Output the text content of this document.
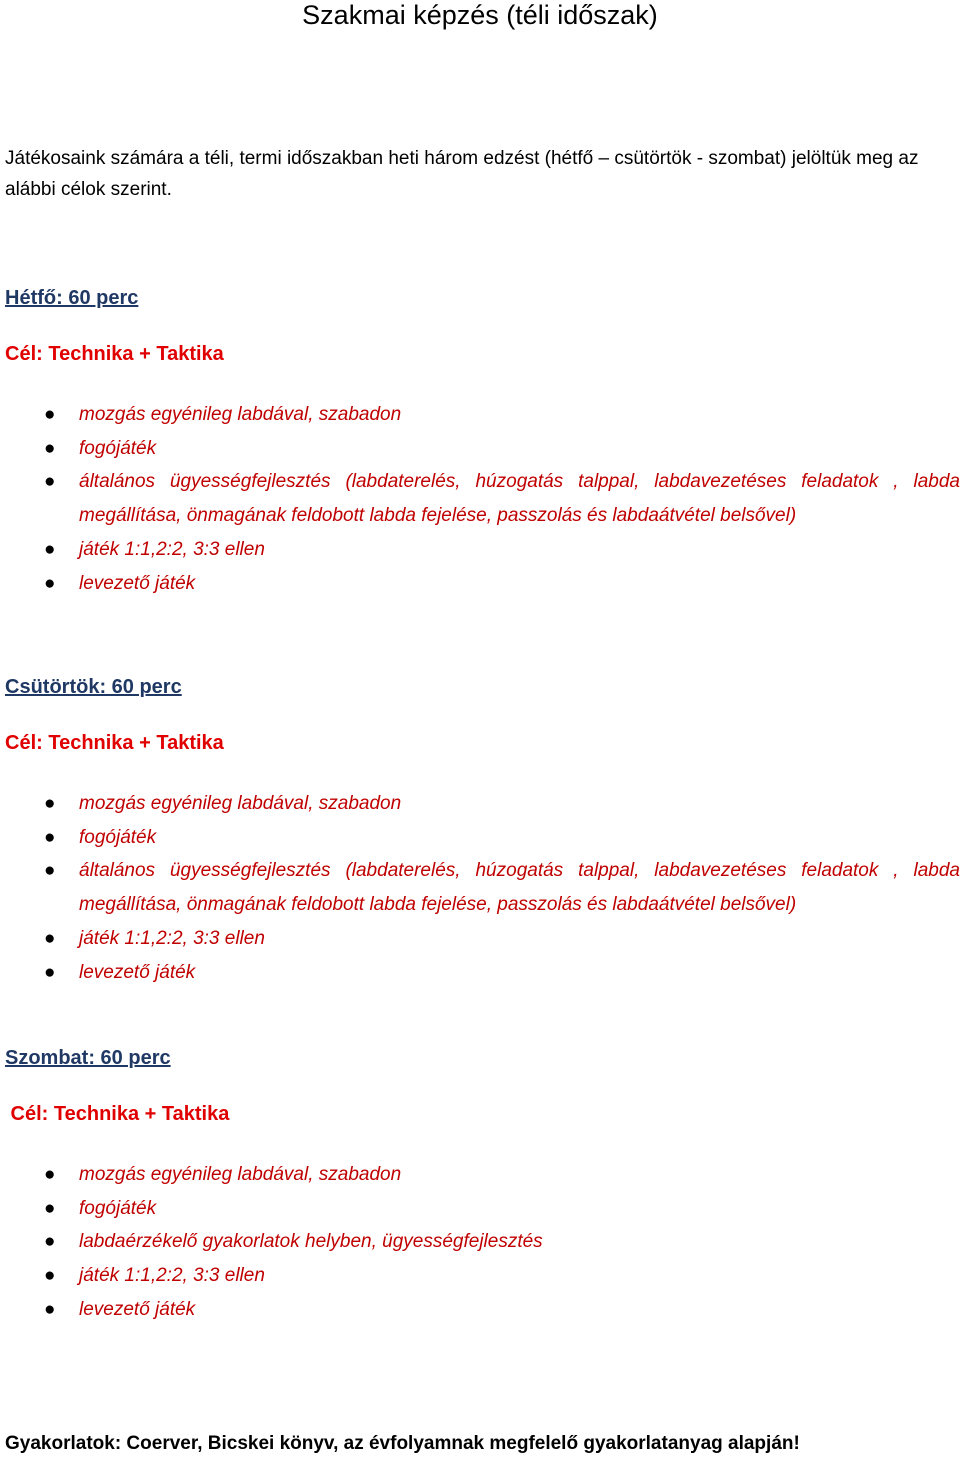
Szakmai képzés (téli időszak)
Játékosaink számára a téli, termi időszakban heti három edzést (hétfő – csütörtök - szombat) jelöltük meg az alábbi célok szerint.
Hétfő: 60 perc
Cél: Technika + Taktika
● mozgás egyénileg labdával, szabadon
● fogójáték
● általános ügyességfejlesztés (labdaterelés, húzogatás talppal, labdavezetéses feladatok , labda megállítása, önmagának feldobott labda fejelése, passzolás és labdaátvétel belsővel)
● játék 1:1,2:2, 3:3 ellen
● levezető játék
Csütörtök: 60 perc
Cél: Technika + Taktika
● mozgás egyénileg labdával, szabadon
● fogójáték
● általános ügyességfejlesztés (labdaterelés, húzogatás talppal, labdavezetéses feladatok , labda megállítása, önmagának feldobott labda fejelése, passzolás és labdaátvétel belsővel)
● játék 1:1,2:2, 3:3 ellen
● levezető játék
Szombat: 60 perc
Cél: Technika + Taktika
● mozgás egyénileg labdával, szabadon
● fogójáték
● labdaérzékelő gyakorlatok helyben, ügyességfejlesztés
● játék 1:1,2:2, 3:3 ellen
● levezető játék
Gyakorlatok: Coerver, Bicskei könyv, az évfolyamnak megfelelő gyakorlatanyag alapján!
